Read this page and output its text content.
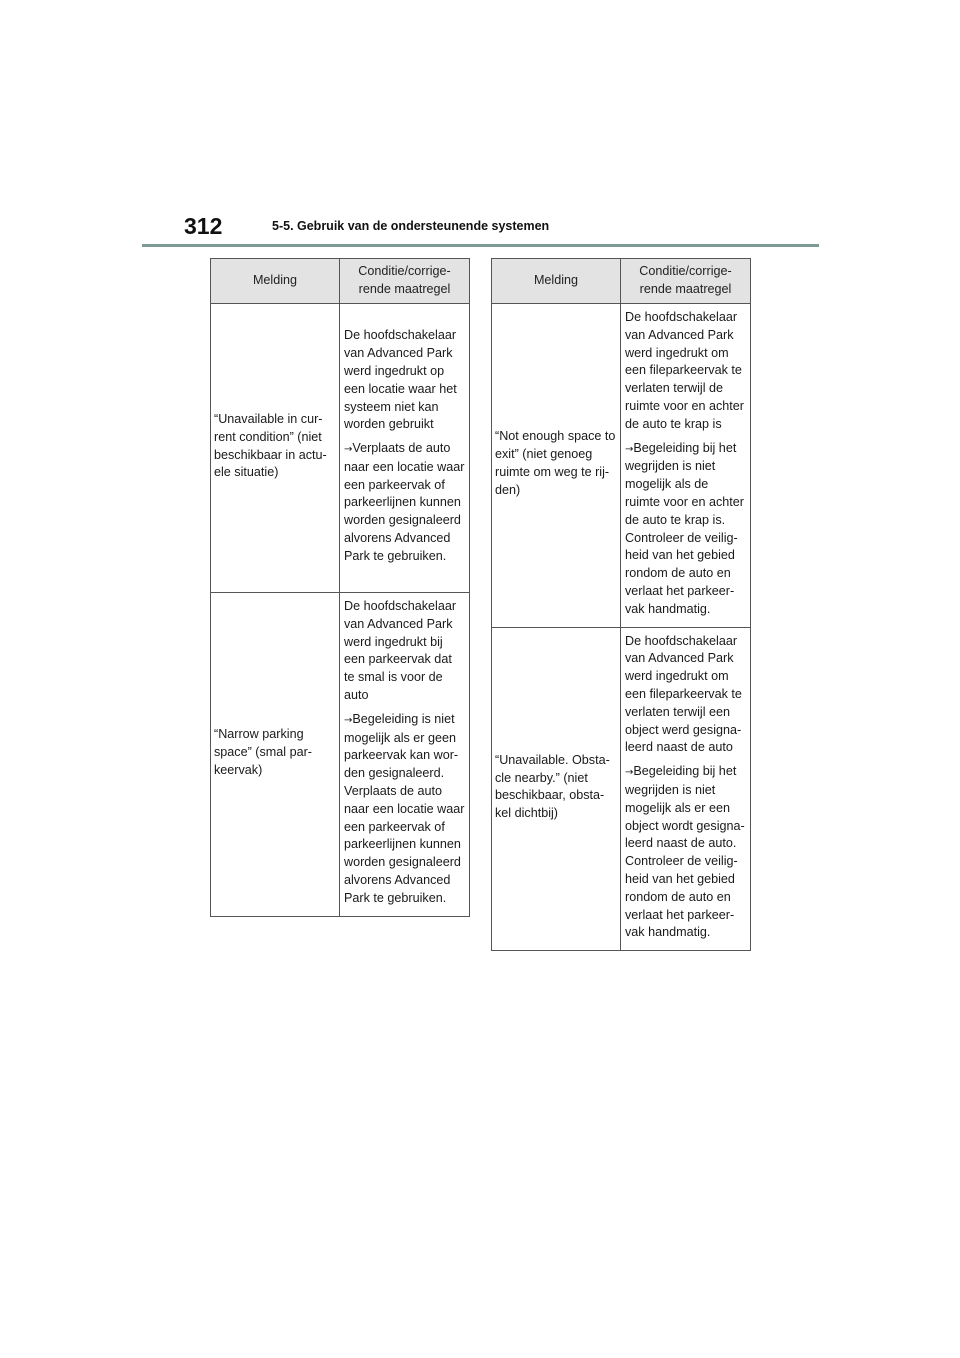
312	5-5. Gebruik van de ondersteunende systemen
Melding	Conditie/corrige-rende maatregel
“Unavailable in cur-rent condition” (niet beschikbaar in actu-ele situatie)	De hoofdschakelaar van Advanced Park werd ingedrukt op een locatie waar het systeem niet kan worden gebruikt

→Verplaats de auto naar een locatie waar een parkeervak of parkeerlijnen kunnen worden gesignaleerd alvorens Advanced Park te gebruiken.

“Narrow parking space” (smal par-keervak)	De hoofdschakelaar van Advanced Park werd ingedrukt bij een parkeervak dat te smal is voor de auto

→Begeleiding is niet mogelijk als er geen parkeervak kan wor-den gesignaleerd. Verplaats de auto naar een locatie waar een parkeervak of parkeerlijnen kunnen worden gesignaleerd alvorens Advanced Park te gebruiken.

Melding	Conditie/corrige-rende maatregel
“Not enough space to exit” (niet genoeg ruimte om weg te rij-den)	De hoofdschakelaar van Advanced Park werd ingedrukt om een fileparkeervak te verlaten terwijl de ruimte voor en achter de auto te krap is

→Begeleiding bij het wegrijden is niet mogelijk als de ruimte voor en achter de auto te krap is. Controleer de veilig-heid van het gebied rondom de auto en verlaat het parkeer-vak handmatig.

“Unavailable. Obsta-cle nearby.” (niet beschikbaar, obsta-kel dichtbij)	De hoofdschakelaar van Advanced Park werd ingedrukt om een fileparkeervak te verlaten terwijl een object werd gesigna-leerd naast de auto

→Begeleiding bij het wegrijden is niet mogelijk als er een object wordt gesigna-leerd naast de auto. Controleer de veilig-heid van het gebied rondom de auto en verlaat het parkeer-vak handmatig.
